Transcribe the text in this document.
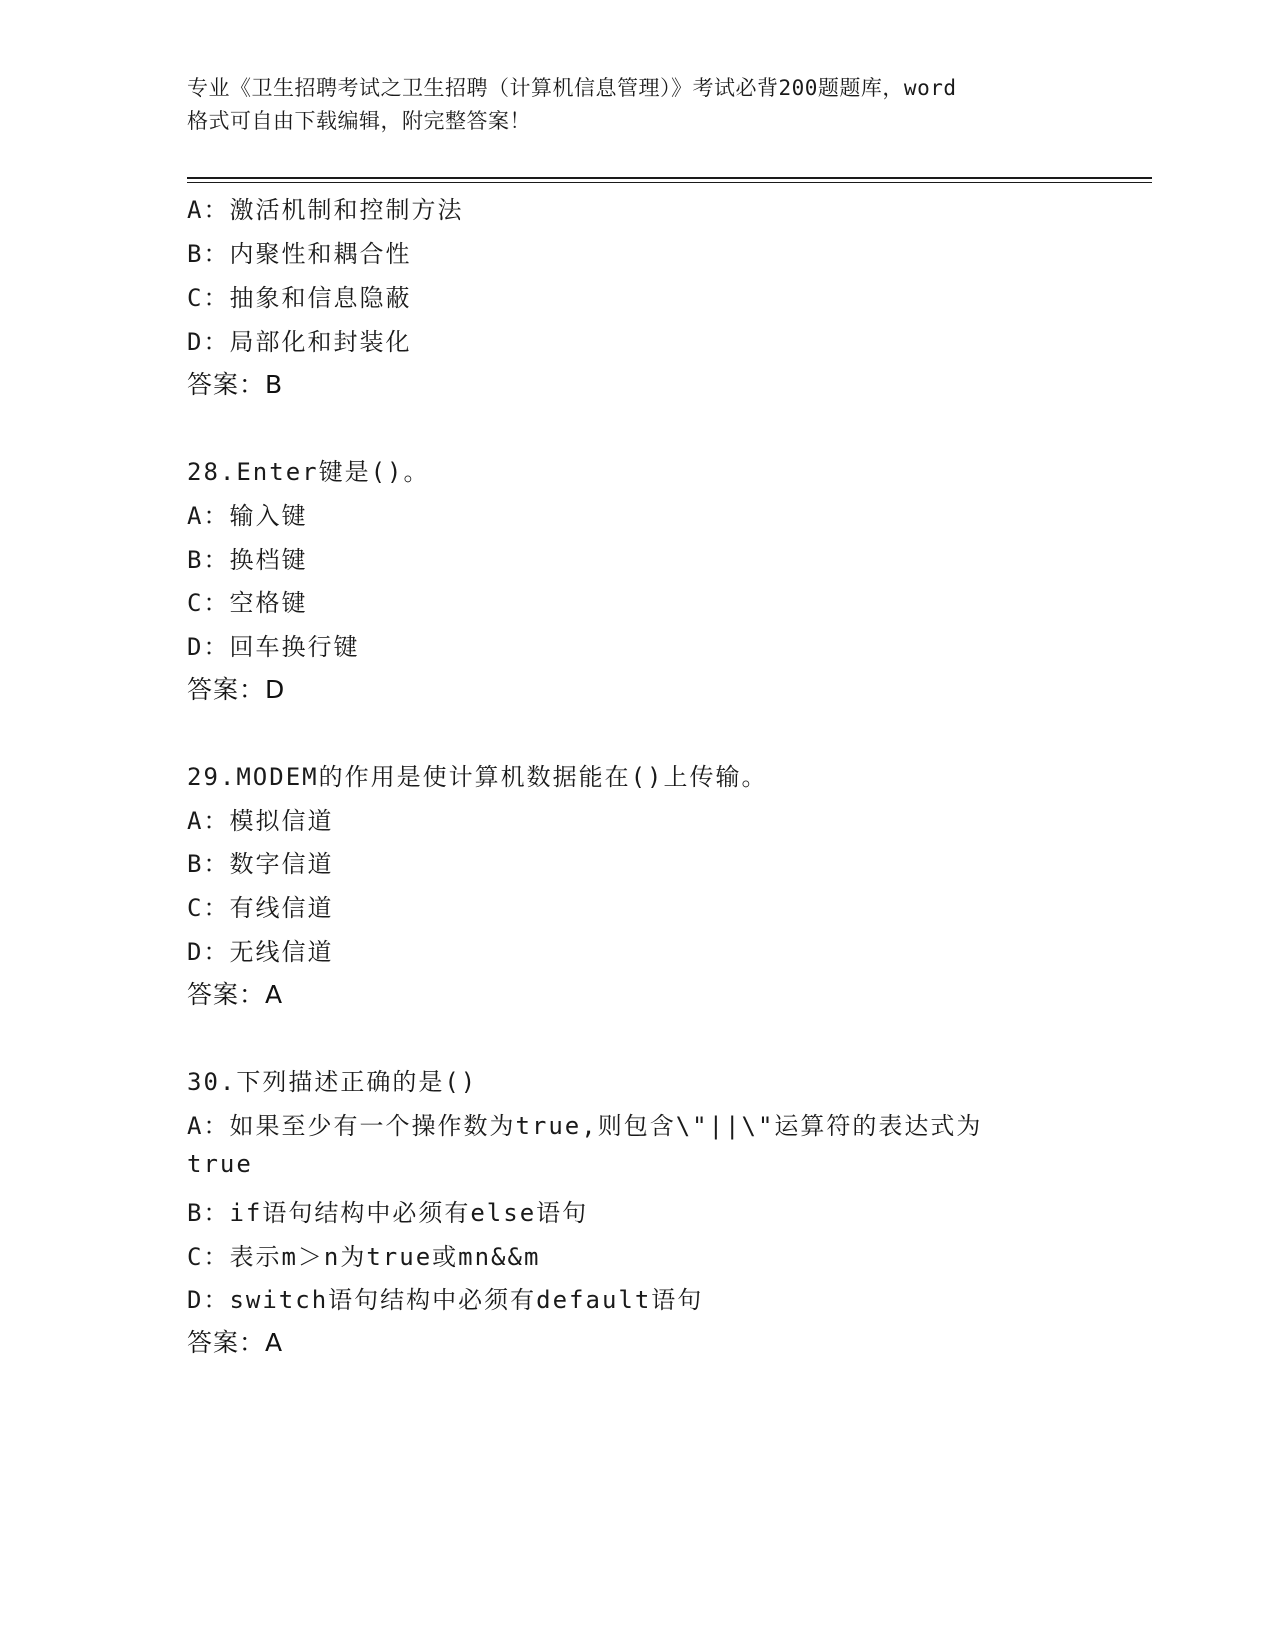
专业《卫生招聘考试之卫生招聘（计算机信息管理）》考试必背200题题库，word
格式可自由下载编辑，附完整答案！
A：激活机制和控制方法
B：内聚性和耦合性
C：抽象和信息隐蔽
D：局部化和封装化
答案：B
28.Enter键是()。
A：输入键
B：换档键
C：空格键
D：回车换行键
答案：D
29.MODEM的作用是使计算机数据能在()上传输。
A：模拟信道
B：数字信道
C：有线信道
D：无线信道
答案：A
30.下列描述正确的是()
A：如果至少有一个操作数为true,则包含\"||\"运算符的表达式为
true
B：if语句结构中必须有else语句
C：表示m＞n为true或mn&&m
D：switch语句结构中必须有default语句
答案：A
